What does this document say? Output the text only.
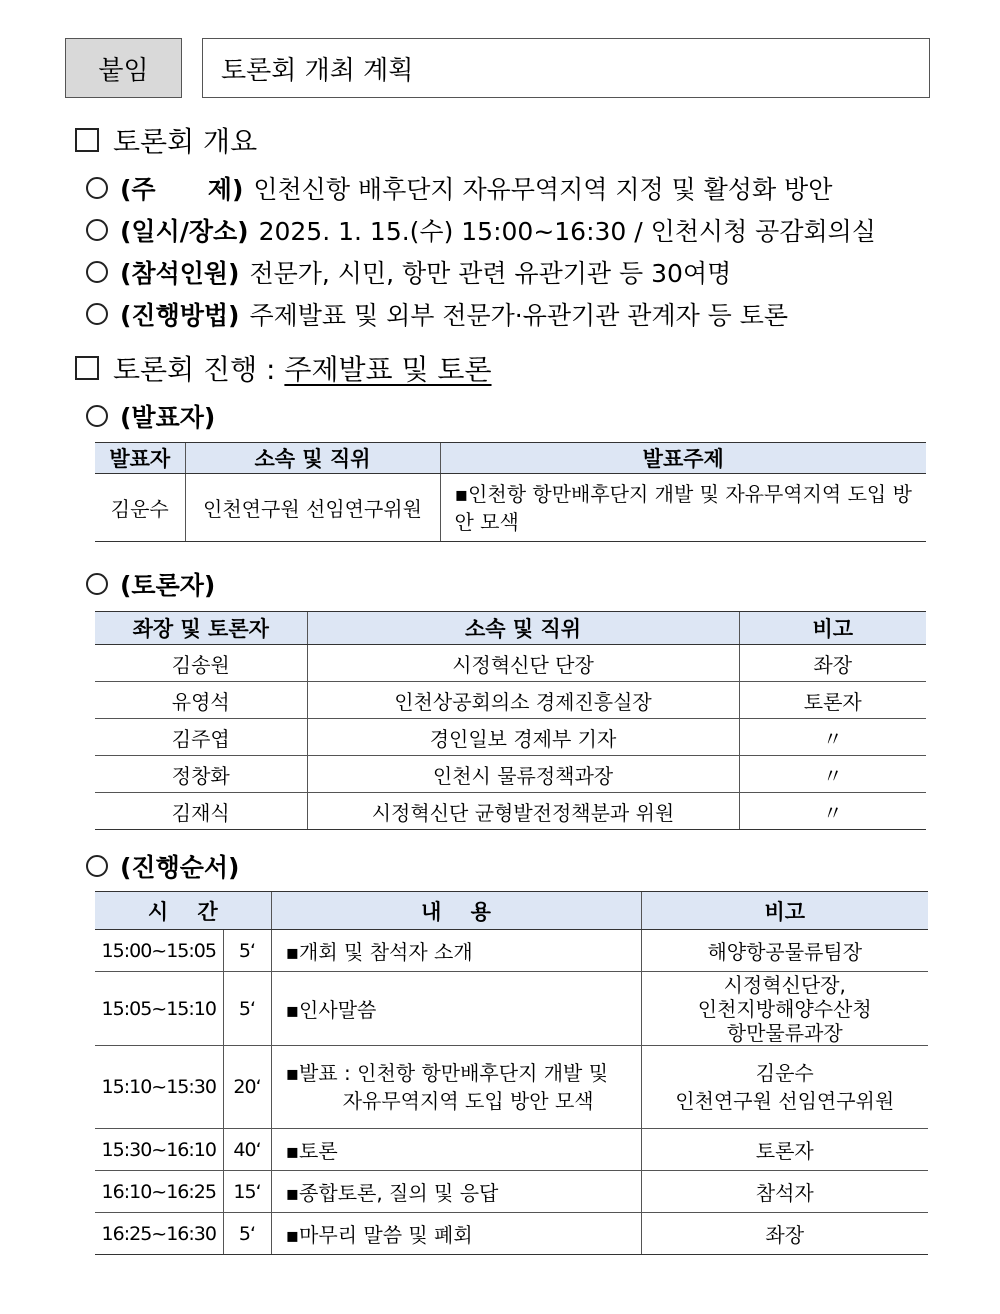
붙임	토론회 개최 계획
토론회 개요
(주      제) 인천신항 배후단지 자유무역지역 지정 및 활성화 방안
(일시/장소) 2025. 1. 15.(수) 15:00~16:30 / 인천시청 공감회의실
(참석인원) 전문가, 시민, 항만 관련 유관기관 등 30여명
(진행방법) 주제발표 및 외부 전문가·유관기관 관계자 등 토론
토론회 진행 : 주제발표 및 토론
(발표자)
발표자	소속 및 직위	발표주제
김운수	인천연구원 선임연구위원	▪인천항 항만배후단지 개발 및 자유무역지역 도입 방안 모색
(토론자)
좌장 및 토론자	소속 및 직위	비고
김송원	시정혁신단 단장	좌장
유영석	인천상공회의소 경제진흥실장	토론자
김주엽	경인일보 경제부 기자	〃
정창화	인천시 물류정책과장	〃
김재식	시정혁신단 균형발전정책분과 위원	〃
(진행순서)
시    간		내    용	비고
15:00~15:05	5‘	▪개회 및 참석자 소개	해양항공물류팀장
15:05~15:10	5‘	▪인사말씀	시정혁신단장,
인천지방해양수산청
항만물류과장
15:10~15:30	20‘	▪발표 : 인천항 항만배후단지 개발 및
자유무역지역 도입 방안 모색	김운수
인천연구원 선임연구위원
15:30~16:10	40‘	▪토론	토론자
16:10~16:25	15‘	▪종합토론, 질의 및 응답	참석자
16:25~16:30	5‘	▪마무리 말씀 및 폐회	좌장
